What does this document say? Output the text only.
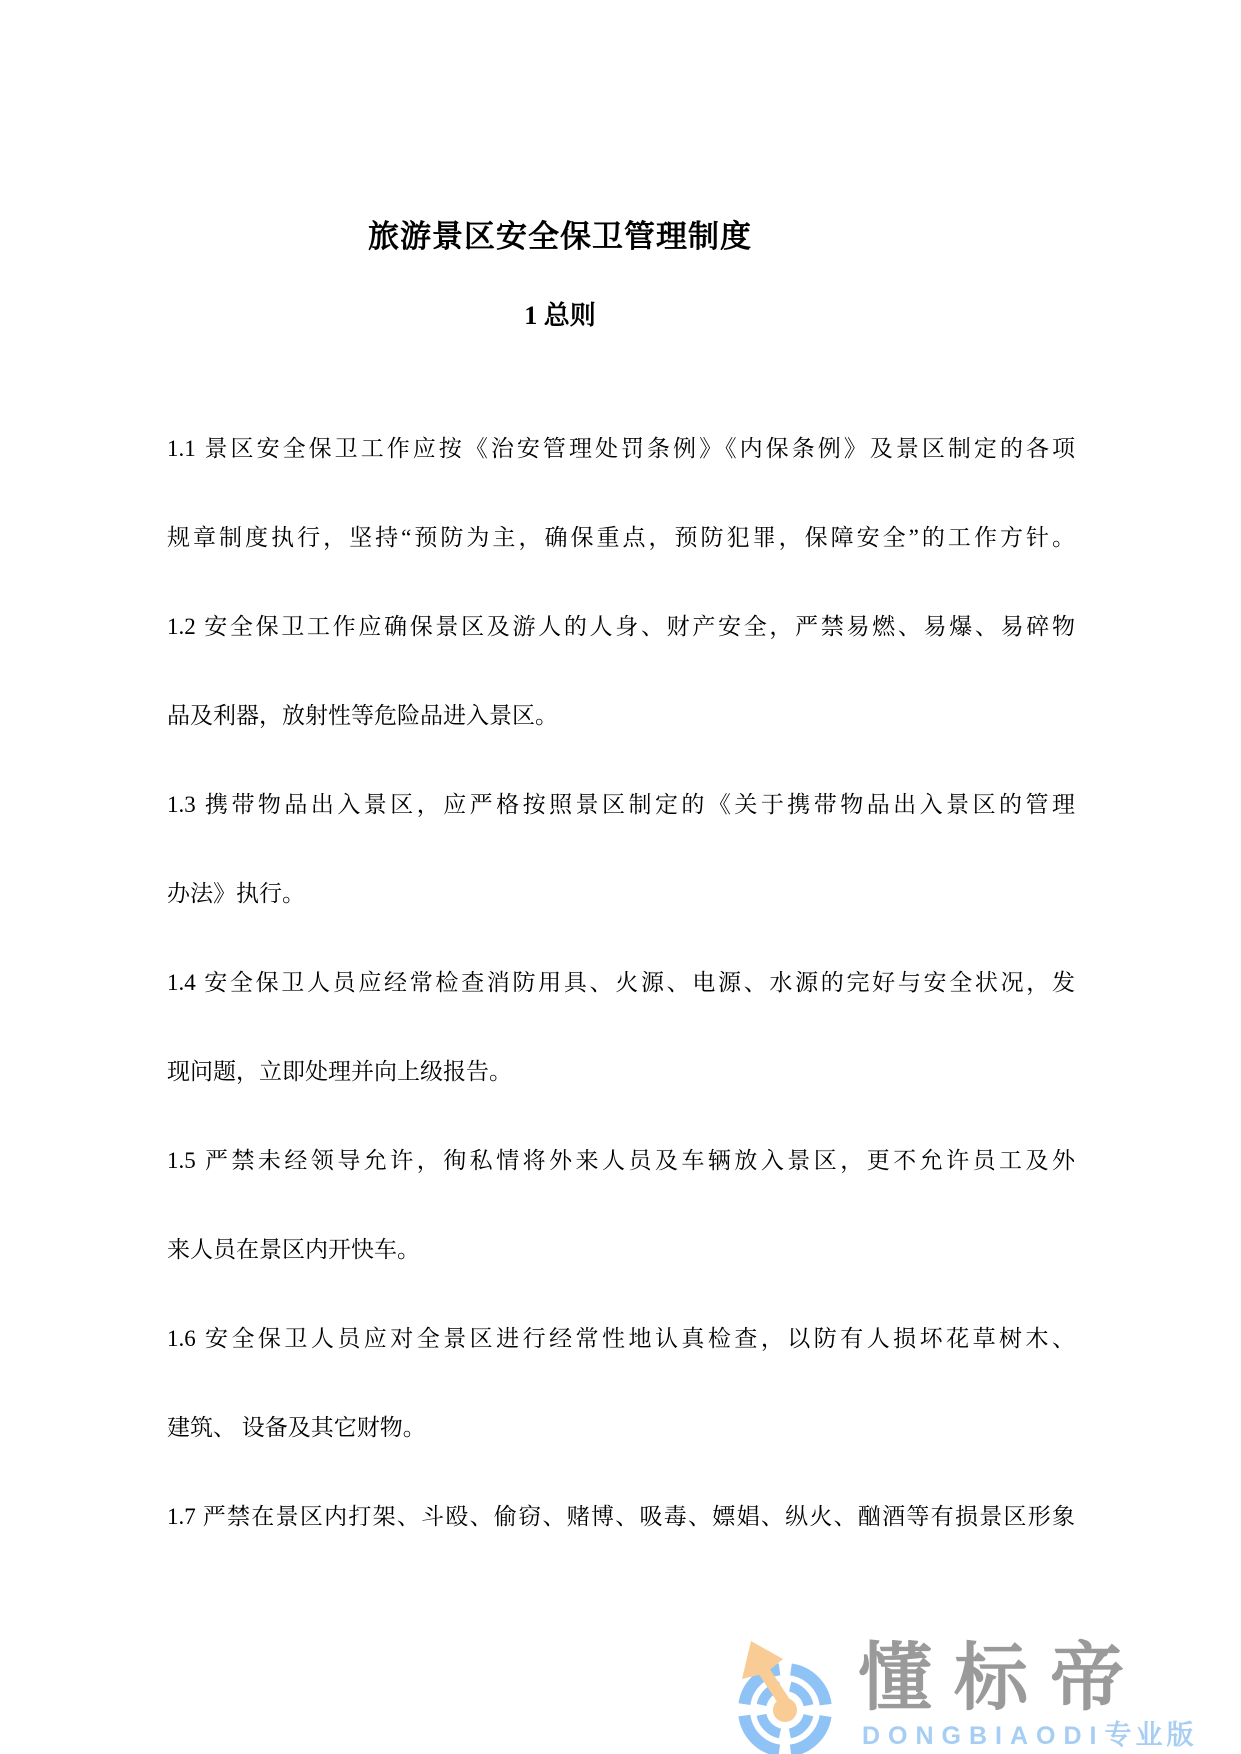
旅游景区安全保卫管理制度
1 总则
1.1 景区安全保卫工作应按《治安管理处罚条例》《内保条例》及景区制定的各项
规章制度执行，坚持“预防为主，确保重点，预防犯罪，保障安全”的工作方针。
1.2 安全保卫工作应确保景区及游人的人身、财产安全，严禁易燃、易爆、易碎物
品及利器，放射性等危险品进入景区。
1.3 携带物品出入景区，应严格按照景区制定的《关于携带物品出入景区的管理
办法》执行。
1.4 安全保卫人员应经常检查消防用具、火源、电源、水源的完好与安全状况，发
现问题，立即处理并向上级报告。
1.5 严禁未经领导允许，徇私情将外来人员及车辆放入景区，更不允许员工及外
来人员在景区内开快车。
1.6 安全保卫人员应对全景区进行经常性地认真检查，以防有人损坏花草树木、
建筑、 设备及其它财物。
1.7 严禁在景区内打架、斗殴、偷窃、赌博、吸毒、嫖娼、纵火、酗酒等有损景区形象
懂标帝
DONGBIAODI专业版
